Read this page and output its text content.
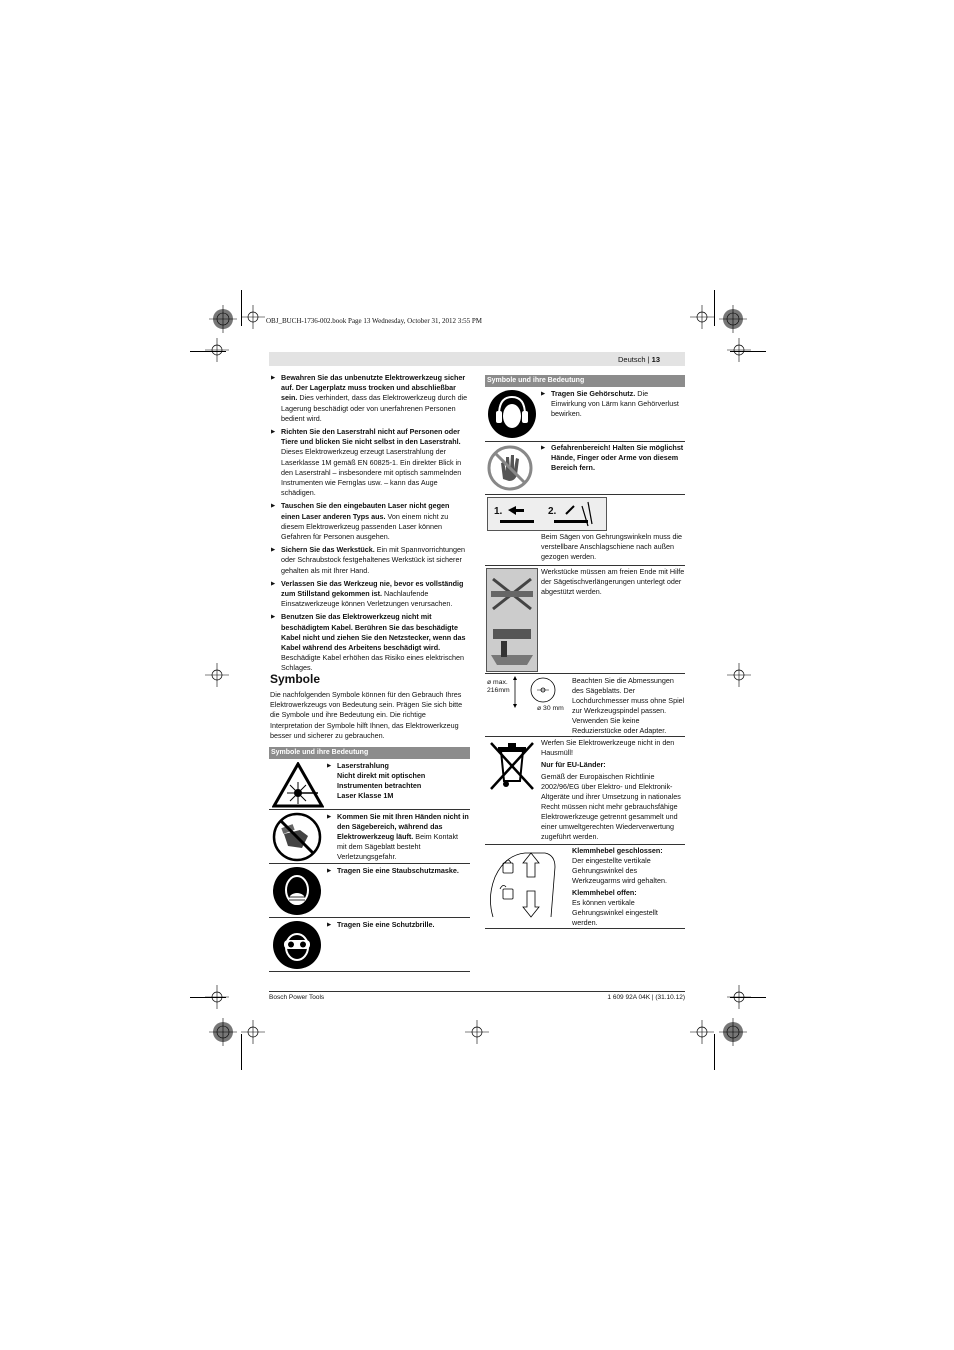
OBJ_BUCH-1736-002.book Page 13 Wednesday, October 31, 2012 3:55 PM
Deutsch | 13
▶ Bewahren Sie das unbenutzte Elektrowerkzeug sicher auf. Der Lagerplatz muss trocken und abschließbar sein. Dies verhindert, dass das Elektrowerkzeug durch die Lagerung beschädigt oder von unerfahrenen Personen bedient wird.
▶ Richten Sie den Laserstrahl nicht auf Personen oder Tiere und blicken Sie nicht selbst in den Laserstrahl. Dieses Elektrowerkzeug erzeugt Laserstrahlung der Laserklasse 1M gemäß EN 60825-1. Ein direkter Blick in den Laserstrahl – insbesondere mit optisch sammelnden Instrumenten wie Fernglas usw. – kann das Auge schädigen.
▶ Tauschen Sie den eingebauten Laser nicht gegen einen Laser anderen Typs aus. Von einem nicht zu diesem Elektrowerkzeug passenden Laser können Gefahren für Personen ausgehen.
▶ Sichern Sie das Werkstück. Ein mit Spannvorrichtungen oder Schraubstock festgehaltenes Werkstück ist sicherer gehalten als mit Ihrer Hand.
▶ Verlassen Sie das Werkzeug nie, bevor es vollständig zum Stillstand gekommen ist. Nachlaufende Einsatzwerkzeuge können Verletzungen verursachen.
▶ Benutzen Sie das Elektrowerkzeug nicht mit beschädigtem Kabel. Berühren Sie das beschädigte Kabel nicht und ziehen Sie den Netzstecker, wenn das Kabel während des Arbeitens beschädigt wird. Beschädigte Kabel erhöhen das Risiko eines elektrischen Schlages.
Symbole
Die nachfolgenden Symbole können für den Gebrauch Ihres Elektrowerkzeugs von Bedeutung sein. Prägen Sie sich bitte die Symbole und ihre Bedeutung ein. Die richtige Interpretation der Symbole hilft Ihnen, das Elektrowerkzeug besser und sicherer zu gebrauchen.
Symbole und ihre Bedeutung
▶ Laserstrahlung
Nicht direkt mit optischen Instrumenten betrachten
Laser Klasse 1M
▶ Kommen Sie mit Ihren Händen nicht in den Sägebereich, während das Elektrowerkzeug läuft. Beim Kontakt mit dem Sägeblatt besteht Verletzungsgefahr.
▶ Tragen Sie eine Staubschutzmaske.
▶ Tragen Sie eine Schutzbrille.
Symbole und ihre Bedeutung
▶ Tragen Sie Gehörschutz. Die Einwirkung von Lärm kann Gehörverlust bewirken.
▶ Gefahrenbereich! Halten Sie möglichst Hände, Finger oder Arme von diesem Bereich fern.
1.	2.
Beim Sägen von Gehrungswinkeln muss die verstellbare Anschlagschiene nach außen gezogen werden.
Werkstücke müssen am freien Ende mit Hilfe der Sägetischverlängerungen unterlegt oder abgestützt werden.
ø max.
216mm
ø 30 mm
Beachten Sie die Abmessungen des Sägeblatts. Der Lochdurchmesser muss ohne Spiel zur Werkzeugspindel passen. Verwenden Sie keine Reduzierstücke oder Adapter.
Werfen Sie Elektrowerkzeuge nicht in den Hausmüll!
Nur für EU-Länder:
Gemäß der Europäischen Richtlinie 2002/96/EG über Elektro- und Elektronik-Altgeräte und ihrer Umsetzung in nationales Recht müssen nicht mehr gebrauchsfähige Elektrowerkzeuge getrennt gesammelt und einer umweltgerechten Wiederverwertung zugeführt werden.
Klemmhebel geschlossen:
Der eingestellte vertikale Gehrungswinkel des Werkzeugarms wird gehalten.
Klemmhebel offen:
Es können vertikale Gehrungswinkel eingestellt werden.
Bosch Power Tools	1 609 92A 04K | (31.10.12)
